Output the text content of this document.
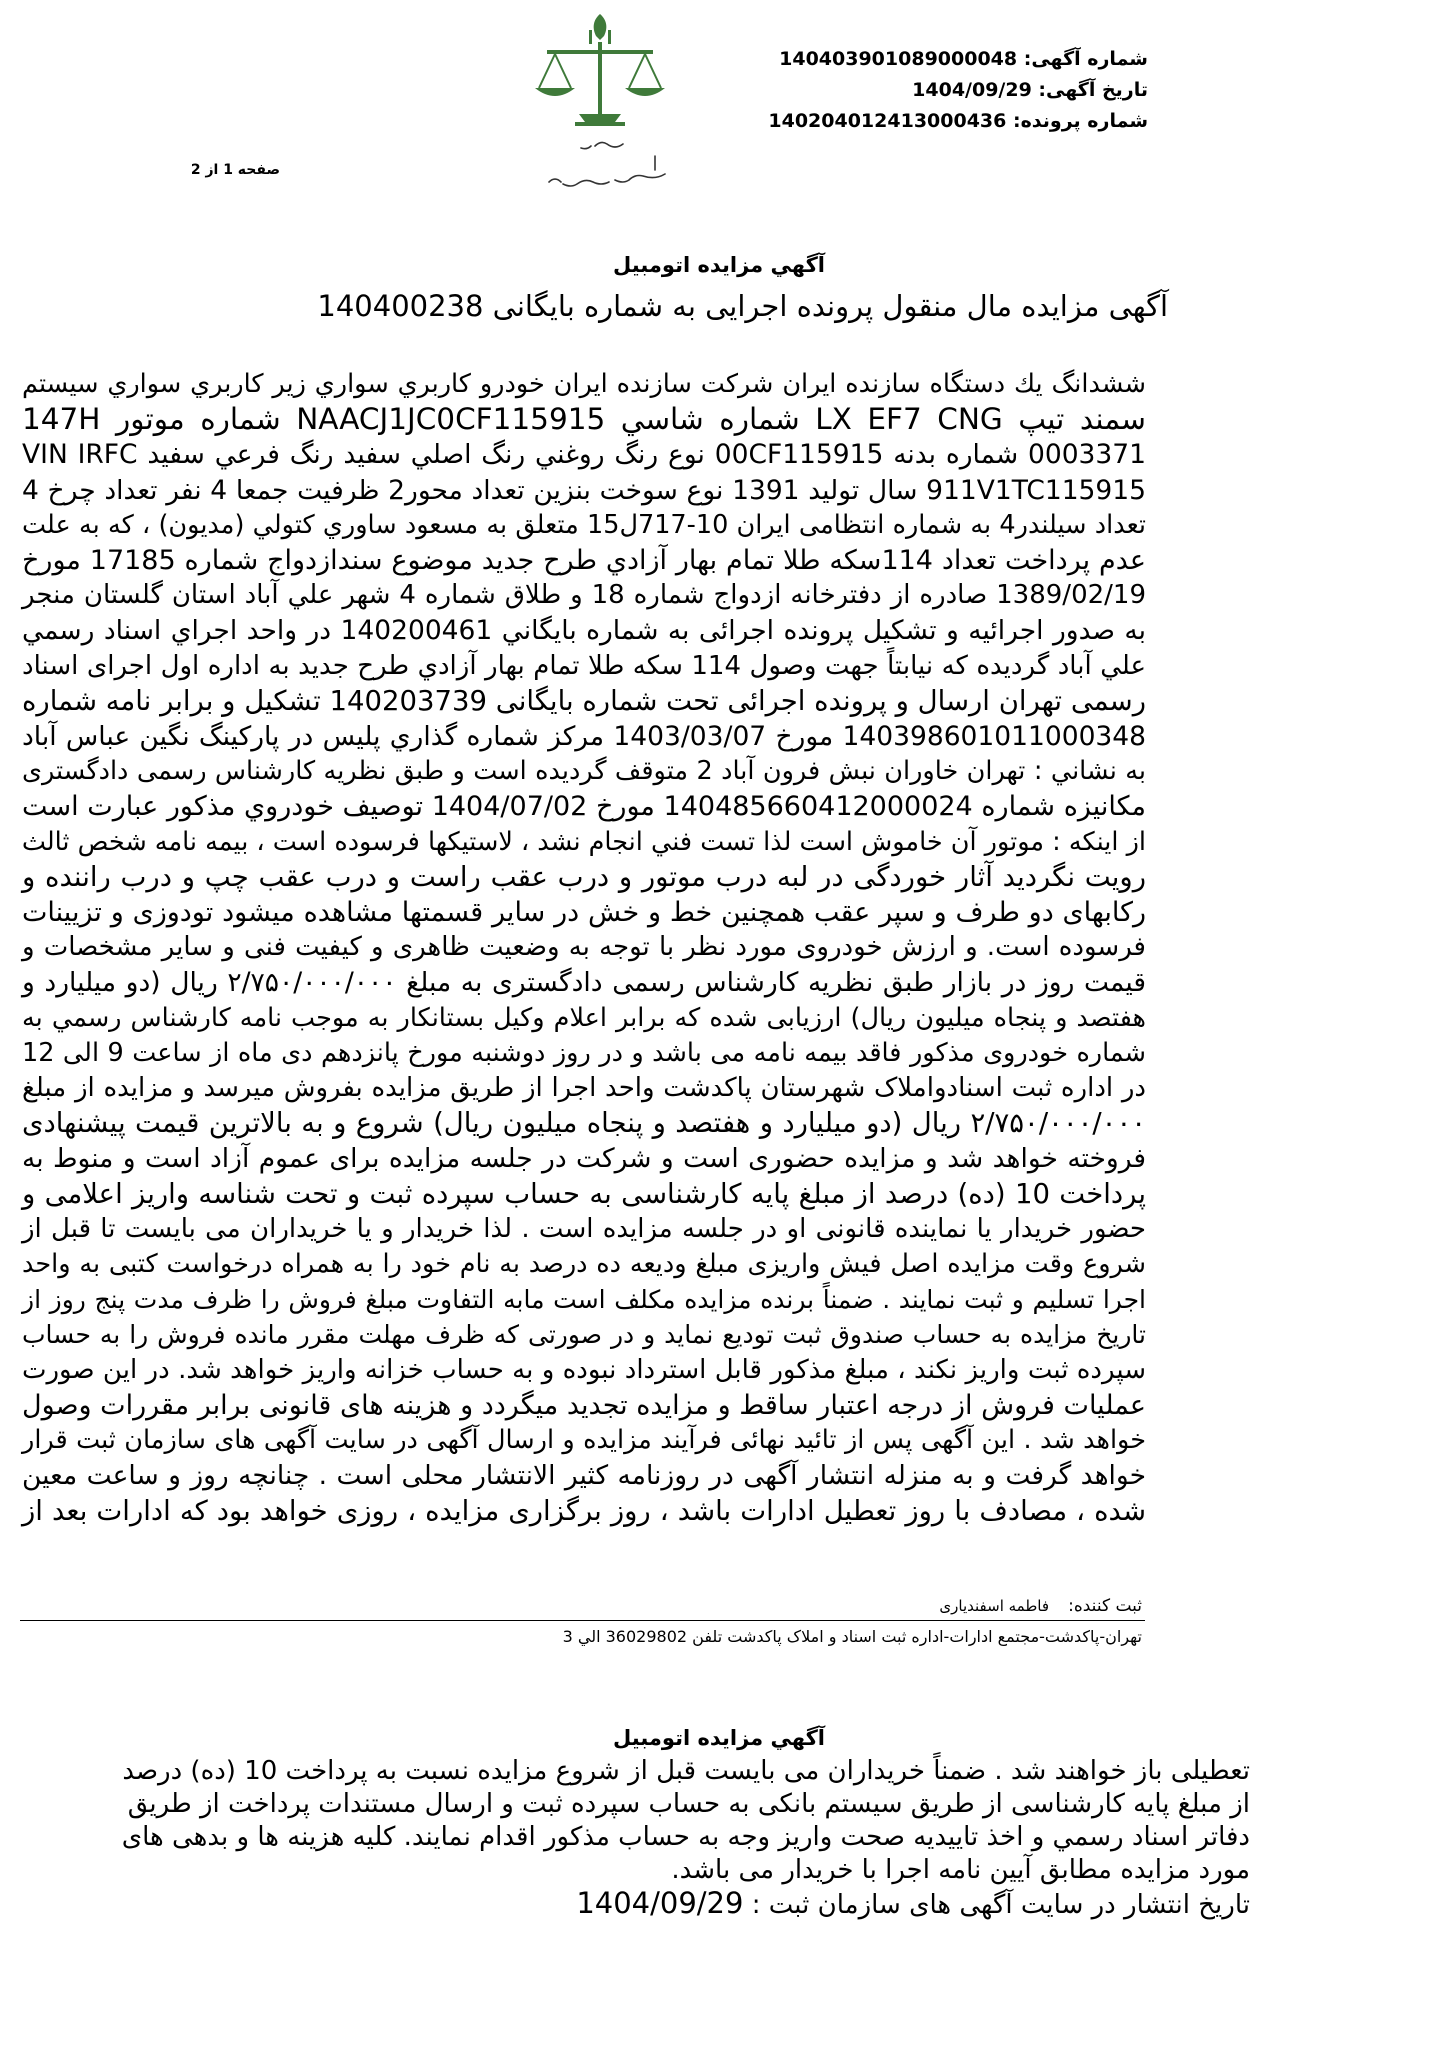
شماره آگهی: 14040390108900004‍8
تاریخ آگهی: 1404/09/29
شماره پرونده: 14020401241300043‍6
صفحه 1 از 2
آگهي مزايده اتومبيل
آگهی مزایده مال منقول پرونده اجرایی به شماره بایگانی 140400238
ششدانگ يك دستگاه سازنده ايران شركت سازنده ايران خودرو كاربري سواري زير كاربري سواري سيستم
سمند تيپ LX EF7 CNG شماره شاسي NAACJ1JC0CF115915 شماره موتور 147H
0003371 شماره بدنه 00CF115915 نوع رنگ روغني رنگ اصلي سفيد رنگ فرعي سفيد VIN IRFC
911V1TC115915 سال توليد 1391 نوع سوخت بنزين تعداد محور2 ظرفيت جمعا 4 نفر تعداد چرخ 4
تعداد سيلندر4 به شماره انتظامی ايران 10-717ل15 متعلق به مسعود ساوري كتولي (مديون) ، كه به علت
عدم پرداخت تعداد 114سكه طلا تمام بهار آزادي طرح جديد موضوع سندازدواج شماره 17185 مورخ
1389/02/19 صادره از دفترخانه ازدواج شماره 18 و طلاق شماره 4 شهر علي آباد استان گلستان منجر
به صدور اجرائيه و تشكيل پرونده اجرائی به شماره بايگاني 140200461 در واحد اجراي اسناد رسمي
علي آباد گرديده كه نيابتاً جهت وصول 114 سكه طلا تمام بهار آزادي طرح جديد به اداره اول اجرای اسناد
رسمی تهران ارسال و پرونده اجرائی تحت شماره بايگانی 140203739 تشكيل و برابر نامه شماره
14039860101100034‍8 مورخ 1403/03/07 مركز شماره گذاري پليس در پاركينگ نگين عباس آباد
به نشاني : تهران خاوران نبش فرون آباد 2 متوقف گرديده است و طبق نظريه كارشناس رسمی دادگستری
مكانيزه شماره 14048566041200002‍4 مورخ 1404/07/02 توصيف خودروي مذكور عبارت است
از اينكه : موتور آن خاموش است لذا تست فني انجام نشد ، لاستيكها فرسوده است ، بيمه نامه شخص ثالث
رويت نگرديد آثار خوردگی در لبه درب موتور و درب عقب راست و درب عقب چپ و درب راننده و
ركابهای دو طرف و سپر عقب همچنين خط و خش در ساير قسمتها مشاهده ميشود تودوزی و تزيينات
فرسوده است. و ارزش خودروی مورد نظر با توجه به وضعيت ظاهری و كيفيت فنی و ساير مشخصات و
قيمت روز در بازار طبق نظريه كارشناس رسمی دادگستری به مبلغ ۲/۷۵۰/۰۰۰/۰۰۰ ريال (دو ميليارد و
هفتصد و پنجاه ميليون ريال) ارزيابی شده كه برابر اعلام وكيل بستانكار به موجب نامه كارشناس رسمي به
شماره خودروی مذكور فاقد بيمه نامه می باشد و در روز دوشنبه مورخ پانزدهم دی ماه از ساعت 9 الی 12
در اداره ثبت اسنادواملاک شهرستان پاكدشت واحد اجرا از طريق مزايده بفروش ميرسد و مزايده از مبلغ
۲/۷۵۰/۰۰۰/۰۰۰ ريال (دو ميليارد و هفتصد و پنجاه ميليون ريال) شروع و به بالاترين قيمت پيشنهادی
فروخته خواهد شد و مزايده حضوری است و شركت در جلسه مزايده برای عموم آزاد است و منوط به
پرداخت 10 (ده) درصد از مبلغ پايه كارشناسی به حساب سپرده ثبت و تحت شناسه واريز اعلامی و
حضور خريدار يا نماينده قانونی او در جلسه مزايده است . لذا خريدار و يا خريداران می بايست تا قبل از
شروع وقت مزايده اصل فيش واريزی مبلغ وديعه ده درصد به نام خود را به همراه درخواست كتبی به واحد
اجرا تسليم و ثبت نمايند . ضمناً برنده مزايده مكلف است مابه التفاوت مبلغ فروش را ظرف مدت پنج روز از
تاريخ مزايده به حساب صندوق ثبت توديع نمايد و در صورتی كه ظرف مهلت مقرر مانده فروش را به حساب
سپرده ثبت واريز نكند ، مبلغ مذكور قابل استرداد نبوده و به حساب خزانه واريز خواهد شد. در اين صورت
عمليات فروش از درجه اعتبار ساقط و مزايده تجديد ميگردد و هزينه های قانونی برابر مقررات وصول
خواهد شد . اين آگهی پس از تائيد نهائی فرآيند مزايده و ارسال آگهی در سايت آگهی های سازمان ثبت قرار
خواهد گرفت و به منزله انتشار آگهی در روزنامه كثير الانتشار محلی است . چنانچه روز و ساعت معين
شده ، مصادف با روز تعطيل ادارات باشد ، روز برگزاری مزايده ، روزی خواهد بود كه ادارات بعد از
ثبت كننده:    فاطمه اسفنديارى
تهران-پاكدشت-مجتمع ادارات-اداره ثبت اسناد و املاک پاكدشت تلفن 36029802 الي 3
آگهي مزايده اتومبيل
تعطيلی باز خواهند شد . ضمناً خريداران می بايست قبل از شروع مزايده نسبت به پرداخت 10 (ده) درصد
از مبلغ پايه كارشناسی از طريق سيستم بانكی به حساب سپرده ثبت و ارسال مستندات پرداخت از طريق
دفاتر اسناد رسمي و اخذ تاييديه صحت واريز وجه به حساب مذكور اقدام نمايند. كليه هزينه ها و بدهی های
مورد مزايده مطابق آيين نامه اجرا با خريدار می باشد.
تاريخ انتشار در سايت آگهی های سازمان ثبت : 1404/09/29
